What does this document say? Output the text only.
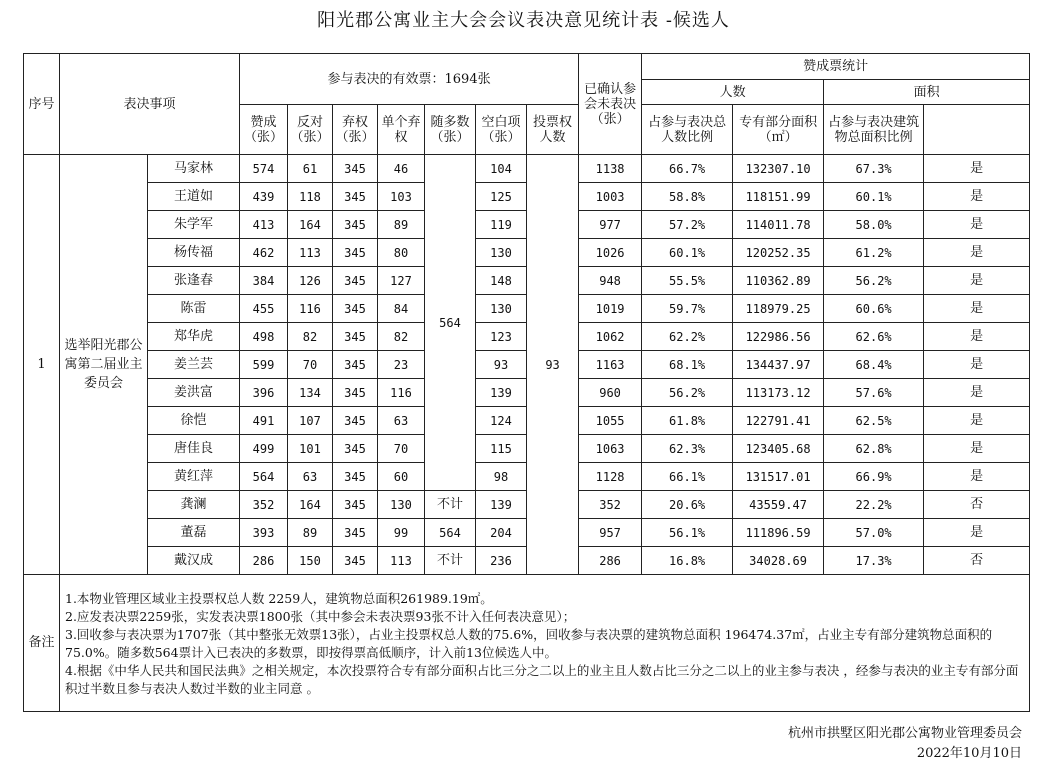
阳光郡公寓业主大会会议表决意见统计表 -候选人
序号	表决事项		参与表决的有效票：1694张							已确认参会未表决（张）	赞成票统计	
											人数		面积		
			赞成（张）	反对（张）	弃权（张）	单个弃权	随多数（张）	空白项（张）	投票权人数		占参与表决总人数比例	专有部分面积（㎡）	占参与表决建筑物总面积比例		
1	选举阳光郡公寓第二届业主委员会	马家林	574	61	345	46	564	104	93	1138	66.7%	132307.10	67.3%	是	
		王道如	439	118	345	103		125		1003	58.8%	118151.99	60.1%	是	
		朱学军	413	164	345	89		119		977	57.2%	114011.78	58.0%	是	
		杨传福	462	113	345	80		130		1026	60.1%	120252.35	61.2%	是	
		张逢春	384	126	345	127		148		948	55.5%	110362.89	56.2%	是	
		陈雷	455	116	345	84		130		1019	59.7%	118979.25	60.6%	是	
		郑华虎	498	82	345	82		123		1062	62.2%	122986.56	62.6%	是	
		姜兰芸	599	70	345	23		93		1163	68.1%	134437.97	68.4%	是	
		姜洪富	396	134	345	116		139		960	56.2%	113173.12	57.6%	是	
		徐恺	491	107	345	63		124		1055	61.8%	122791.41	62.5%	是	
		唐佳良	499	101	345	70		115		1063	62.3%	123405.68	62.8%	是	
		黄红萍	564	63	345	60		98		1128	66.1%	131517.01	66.9%	是	
		龚澜	352	164	345	130	不计	139		352	20.6%	43559.47	22.2%	否	
		董磊	393	89	345	99	564	204		957	56.1%	111896.59	57.0%	是	
		戴汉成	286	150	345	113	不计	236		286	16.8%	34028.69	17.3%	否	
备注	1.本物业管理区域业主投票权总人数 2259人，建筑物总面积261989.19㎡。
2.应发表决票2259张，实发表决票1800张（其中参会未表决票93张不计入任何表决意见）；
3.回收参与表决票为1707张（其中整张无效票13张），占业主投票权总人数的75.6%，回收参与表决票的建筑物总面积 196474.37㎡，占业主专有部分建筑物总面积的75.0%。随多数564票计入已表决的多数票，即按得票高低顺序，计入前13位候选人中。
4.根据《中华人民共和国民法典》之相关规定，本次投票符合专有部分面积占比三分之二以上的业主且人数占比三分之二以上的业主参与表决 ，经参与表决的业主专有部分面积过半数且参与表决人数过半数的业主同意 。														
杭州市拱墅区阳光郡公寓物业管理委员会
2022年10月10日
